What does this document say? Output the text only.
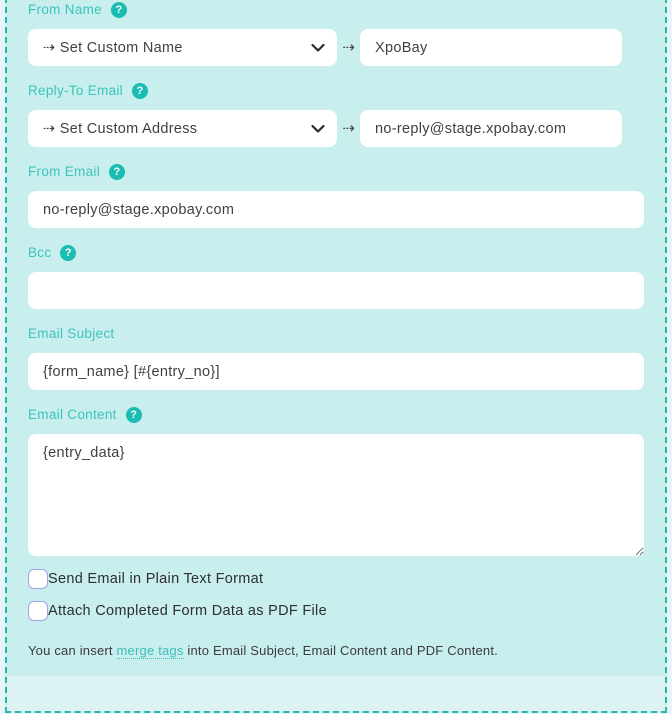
From Name	?
⇢ Set Custom Name
⇢
XpoBay
Reply-To Email	?
⇢ Set Custom Address
⇢
no-reply@stage.xpobay.com
From Email	?
no-reply@stage.xpobay.com
Bcc	?
Email Subject
{form_name} [#{entry_no}]
Email Content	?
{entry_data}
Send Email in Plain Text Format
Attach Completed Form Data as PDF File
You can insert merge tags into Email Subject, Email Content and PDF Content.
